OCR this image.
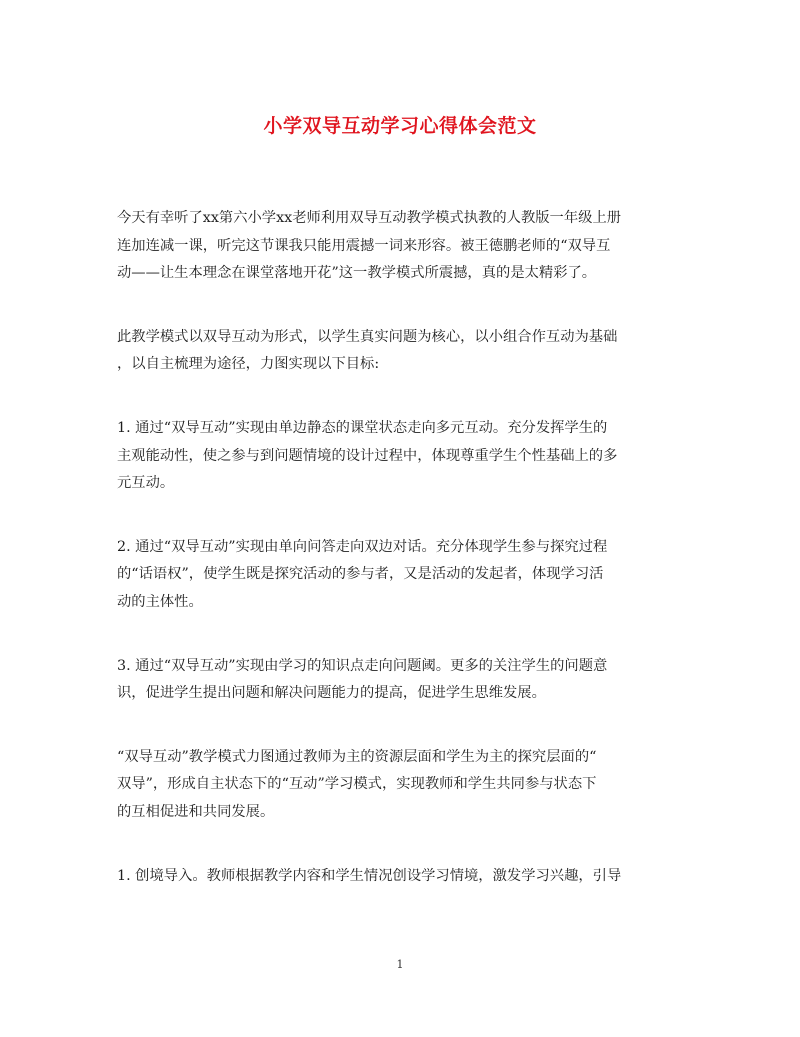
小学双导互动学习心得体会范文

今天有幸听了xx第六小学xx老师利用双导互动教学模式执教的人教版一年级上册
连加连减一课，听完这节课我只能用震撼一词来形容。被王德鹏老师的“双导互
动——让生本理念在课堂落地开花”这一教学模式所震撼，真的是太精彩了。

此教学模式以双导互动为形式，以学生真实问题为核心，以小组合作互动为基础
，以自主梳理为途径，力图实现以下目标:

1. 通过“双导互动”实现由单边静态的课堂状态走向多元互动。充分发挥学生的
主观能动性，使之参与到问题情境的设计过程中，体现尊重学生个性基础上的多
元互动。

2. 通过“双导互动”实现由单向问答走向双边对话。充分体现学生参与探究过程
的“话语权”，使学生既是探究活动的参与者，又是活动的发起者，体现学习活
动的主体性。

3. 通过“双导互动”实现由学习的知识点走向问题阈。更多的关注学生的问题意
识，促进学生提出问题和解决问题能力的提高，促进学生思维发展。

“双导互动”教学模式力图通过教师为主的资源层面和学生为主的探究层面的“
双导”，形成自主状态下的“互动”学习模式，实现教师和学生共同参与状态下
的互相促进和共同发展。

1. 创境导入。教师根据教学内容和学生情况创设学习情境，激发学习兴趣，引导

1
